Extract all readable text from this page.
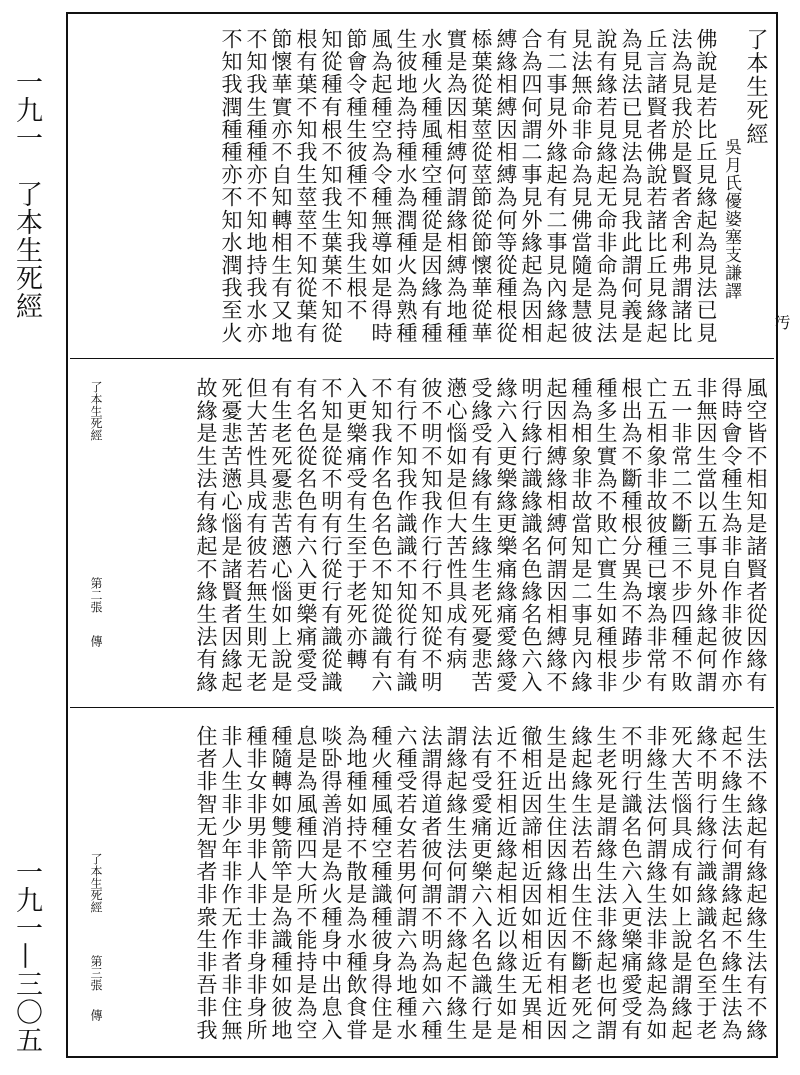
一九一　了本生死經
一九一—三〇五
了本生死經
吳月氏優婆塞支謙譯
佛說是若比丘見緣起為見法已見
法為見我於是賢者舍利弗謂諸比
丘言諸賢者佛說若諸比丘見緣起
為見法已見法為見我此謂何義是
說有緣若見緣起无命非命為見法
見法無命非命為見佛當隨是慧彼
有二事見外緣起有二事見內緣起
合為四何謂二事見外緣起為因相
縛緣相縛因相縛為何等從種根從
㮇葉從葉莖從莖節從節懷華從華
實是為因相縛何謂緣相縛為地種
水種火種風種空種從是因緣有種
生彼地為持種水為潤種火為熟種
風為起種空為令種無導如是得時
節會令種生彼種不知我生根不
知從種有根不知我生葉葉不知從
根有葉不知我生莖莖不知從葉有
節懷華實亦不自知轉相生有又地
不知我生種種亦不知地持我水亦
不知我潤種種亦不知水潤我至火	汚
風空皆不相知是諸賢者從因緣有
得時會令種生為非自作非彼作亦
非無因生當以五事見外緣起何謂
五一非常二不斷三不步四種不敗
亡五相象非故彼種已壞為非常有
根出為不斷種根分異為不踳步少
種多生實為不敗亡實生如種根非
種為相象非故當知是二事見內緣
起因相縛緣相縛何謂因相縛緣不
明行緣行識緣識名色緣名色六入
緣六入更樂緣更樂痛緣痛愛緣愛
受緣受有緣有生緣生老死憂悲苦
懣心惱如是但大苦性具成有病
彼不明不知我作行行不知從不明
有行不知我作識識不知從行有識
不知我作名色名色不知從識有六
入更樂痛受有生至于老死亦轉
不知是從不明有行從行有識從識
有名色從名色有六入更樂痛愛受
有生老死憂悲苦懣心惱如上說是
但大苦性具成有彼若無生則无老
死憂悲苦懣心惱是諸賢者因緣起
故緣是生法有緣起不緣生法有緣
了本生死經
第二張
傳
生法不緣起有緣起緣生法有不緣
起不緣生法何謂緣起不緣生法為
緣不明行緣行識緣識名色至于老
死大苦惱具成有如上說是謂緣起
非緣生法何謂緣生法非緣起為如
不明行識名色六入更樂痛愛受有
生老死是謂緣生法非緣起也何謂
緣起緣生法若出生住不斷老死之
生是出生住因緣相近因有相近因
徹相近因諦相近因如相近无異相
近不狂相近緣起相近以緣生如是
法有受愛痛更樂六入名色識行是
謂緣起緣生法何謂不緣起不緣生
法謂得道者彼何謂不明為如六種
六種受若女若男何謂六為地種水
種火種風種空種識種彼身得住是
為地種如持不散是為水種飲食甞
啖卧得善消是為火種身中出息入
息是為風種四大所不能持是為空
種隨轉如雙箭竿是為識種如彼地
種非女非男非人非士非身非身所
非人生非少年非作无作者非住無
住者非智无智者非衆生非吾非我
了本生死經
第三張
傳
